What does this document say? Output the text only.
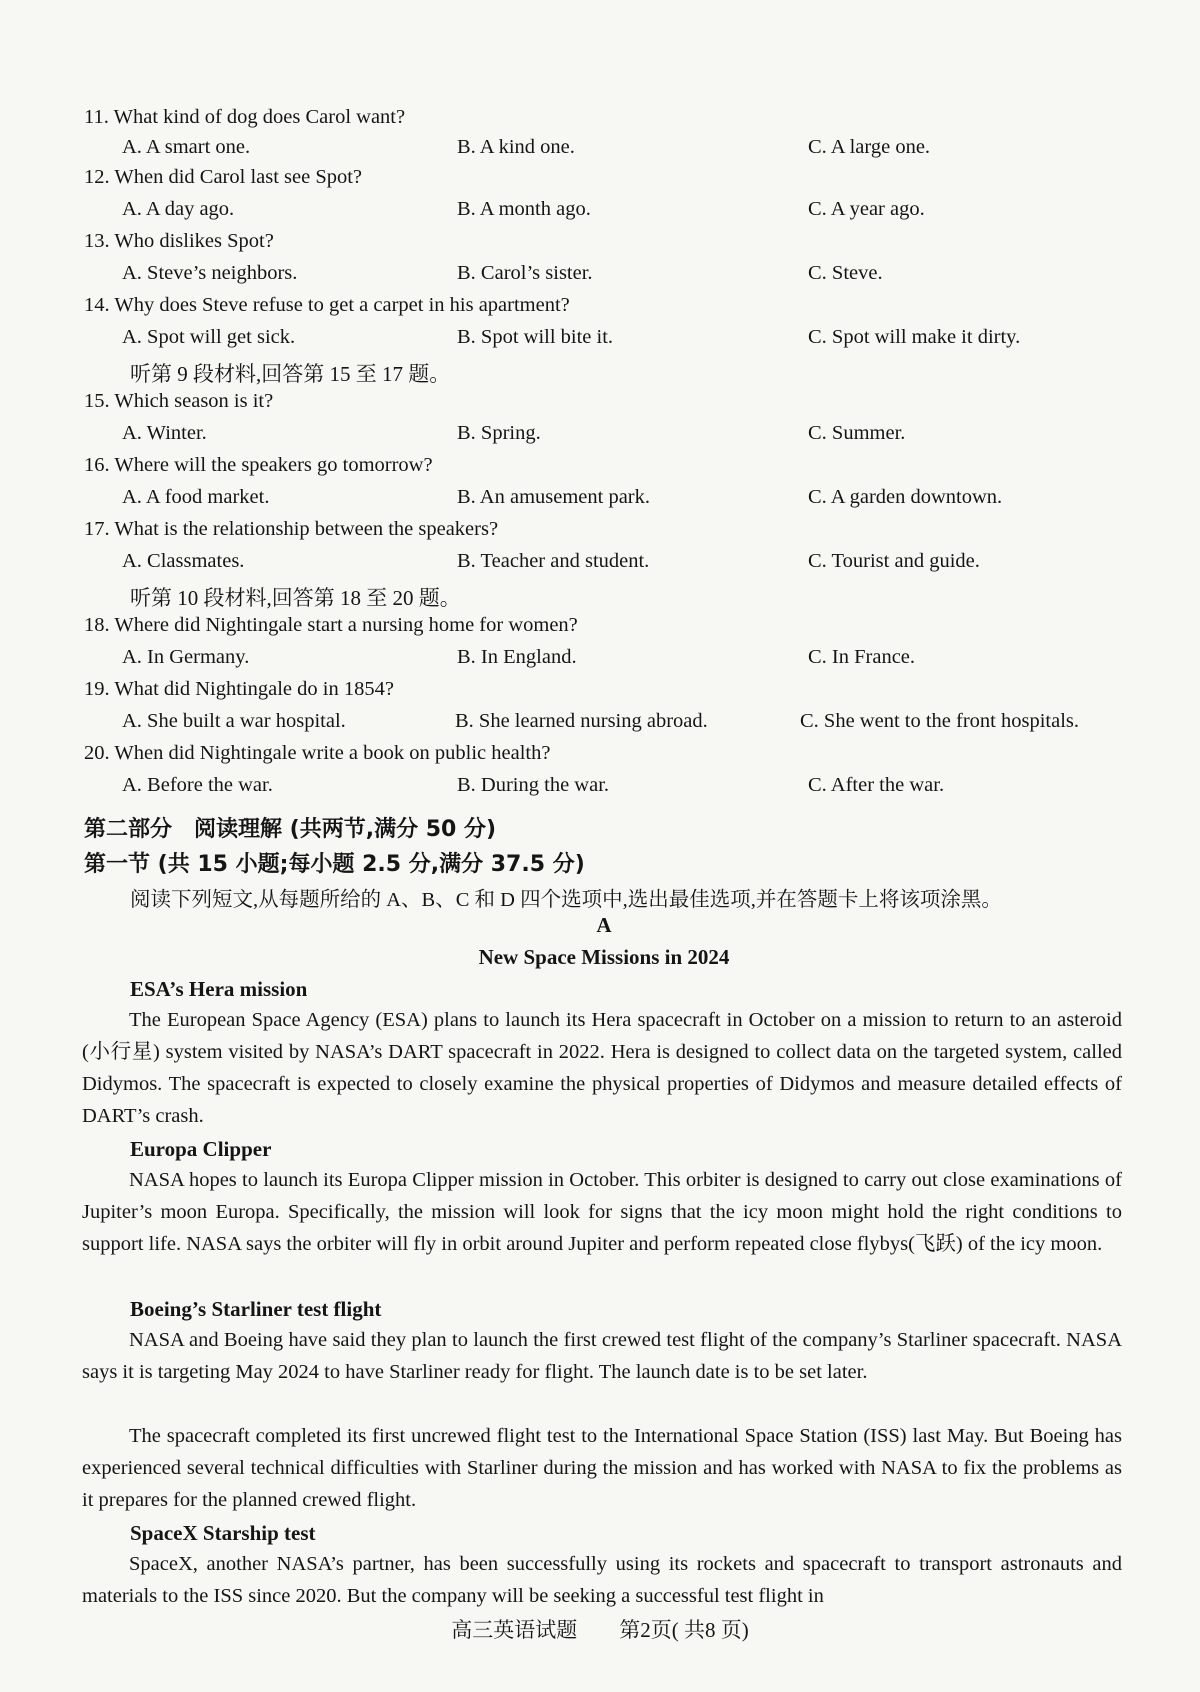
11. What kind of dog does Carol want?
A. A smart one.	B. A kind one.	C. A large one.
12. When did Carol last see Spot?
A. A day ago.	B. A month ago.	C. A year ago.
13. Who dislikes Spot?
A. Steve’s neighbors.	B. Carol’s sister.	C. Steve.
14. Why does Steve refuse to get a carpet in his apartment?
A. Spot will get sick.	B. Spot will bite it.	C. Spot will make it dirty.
听第 9 段材料,回答第 15 至 17 题。
15. Which season is it?
A. Winter.	B. Spring.	C. Summer.
16. Where will the speakers go tomorrow?
A. A food market.	B. An amusement park.	C. A garden downtown.
17. What is the relationship between the speakers?
A. Classmates.	B. Teacher and student.	C. Tourist and guide.
听第 10 段材料,回答第 18 至 20 题。
18. Where did Nightingale start a nursing home for women?
A. In Germany.	B. In England.	C. In France.
19. What did Nightingale do in 1854?
A. She built a war hospital.	B. She learned nursing abroad.	C. She went to the front hospitals.
20. When did Nightingale write a book on public health?
A. Before the war.	B. During the war.	C. After the war.
第二部分　阅读理解 (共两节,满分 50 分)
第一节 (共 15 小题;每小题 2.5 分,满分 37.5 分)
阅读下列短文,从每题所给的 A、B、C 和 D 四个选项中,选出最佳选项,并在答题卡上将该项涂黑。
A
New Space Missions in 2024
ESA’s Hera mission
The European Space Agency (ESA) plans to launch its Hera spacecraft in October on a mission to return to an asteroid (小行星) system visited by NASA’s DART spacecraft in 2022. Hera is designed to collect data on the targeted system, called Didymos. The spacecraft is expected to closely examine the physical properties of Didymos and measure detailed effects of DART’s crash.
Europa Clipper
NASA hopes to launch its Europa Clipper mission in October. This orbiter is designed to carry out close examinations of Jupiter’s moon Europa. Specifically, the mission will look for signs that the icy moon might hold the right conditions to support life. NASA says the orbiter will fly in orbit around Jupiter and perform repeated close flybys(飞跃) of the icy moon.
Boeing’s Starliner test flight
NASA and Boeing have said they plan to launch the first crewed test flight of the company’s Starliner spacecraft. NASA says it is targeting May 2024 to have Starliner ready for flight. The launch date is to be set later.
The spacecraft completed its first uncrewed flight test to the International Space Station (ISS) last May. But Boeing has experienced several technical difficulties with Starliner during the mission and has worked with NASA to fix the problems as it prepares for the planned crewed flight.
SpaceX Starship test
SpaceX, another NASA’s partner, has been successfully using its rockets and spacecraft to transport astronauts and materials to the ISS since 2020. But the company will be seeking a successful test flight in
高三英语试题　　第2页( 共8 页)
